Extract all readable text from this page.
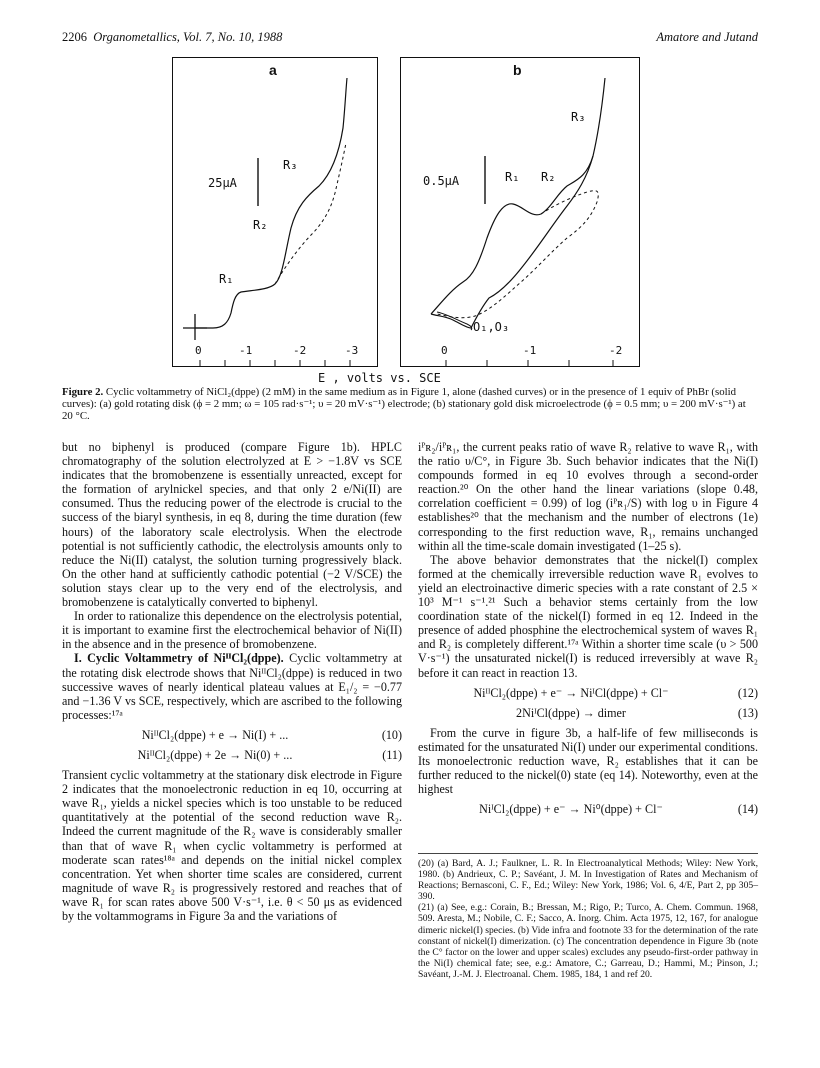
2206 Organometallics, Vol. 7, No. 10, 1988	Amatore and Jutand
a
25μA
R₁
R₂
R₃
0	-1	-2	-3
b
0.5μA	R₁ R₂
R₃
O₁,O₃
0	-1	-2
E , volts vs. SCE
Figure 2. Cyclic voltammetry of NiCl₂(dppe) (2 mM) in the same medium as in Figure 1, alone (dashed curves) or in the presence of 1 equiv of PhBr (solid curves): (a) gold rotating disk (ϕ = 2 mm; ω = 105 rad·s⁻¹; υ = 20 mV·s⁻¹) electrode; (b) stationary gold disk microelectrode (ϕ = 0.5 mm; υ = 200 mV·s⁻¹) at 20 °C.

but no biphenyl is produced (compare Figure 1b). HPLC chromatography of the solution electrolyzed at E > −1.8V vs SCE indicates that the bromobenzene is essentially unreacted, except for the formation of arylnickel species, and that only 2 e/Ni(II) are consumed. Thus the reducing power of the electrode is crucial to the success of the biaryl synthesis, in eq 8, during the time duration (few hours) of the laboratory scale electrolysis. When the electrode potential is not sufficiently cathodic, the electrolysis amounts only to reduce the Ni(II) catalyst, the solution turning progressively black. On the other hand at sufficiently cathodic potential (−2 V/SCE) the solution stays clear up to the very end of the electrolysis, and bromobenzene is catalytically converted to biphenyl.

In order to rationalize this dependence on the electrolysis potential, it is important to examine first the electrochemical behavior of Ni(II) in the absence and in the presence of bromobenzene.

I. Cyclic Voltammetry of NiᴵᴵCl₂(dppe). Cyclic voltammetry at the rotating disk electrode shows that NiᴵᴵCl₂(dppe) is reduced in two successive waves of nearly identical plateau values at E₁/₂ = −0.77 and −1.36 V vs SCE, respectively, which are ascribed to the following processes:¹⁷ᵃ

NiᴵᴵCl₂(dppe) + e → Ni(I) + ...	(10)
NiᴵᴵCl₂(dppe) + 2e → Ni(0) + ...	(11)

Transient cyclic voltammetry at the stationary disk electrode in Figure 2 indicates that the monoelectronic reduction in eq 10, occurring at wave R₁, yields a nickel species which is too unstable to be reduced quantitatively at the potential of the second reduction wave R₂. Indeed the current magnitude of the R₂ wave is considerably smaller than that of wave R₁ when cyclic voltammetry is performed at moderate scan rates¹⁸ᵃ and depends on the initial nickel complex concentration. Yet when shorter time scales are considered, current magnitude of wave R₂ is progressively restored and reaches that of wave R₁ for scan rates above 500 V·s⁻¹, i.e. θ < 50 μs as evidenced by the voltammograms in Figure 3a and the variations of

iᴾʀ₂/iᴾʀ₁, the current peaks ratio of wave R₂ relative to wave R₁, with the ratio υ/C°, in Figure 3b. Such behavior indicates that the Ni(I) compounds formed in eq 10 evolves through a second-order reaction.²⁰ On the other hand the linear variations (slope 0.48, correlation coefficient = 0.99) of log (iᴾʀ₁/S) with log υ in Figure 4 establishes²⁰ that the mechanism and the number of electrons (1e) corresponding to the first reduction wave, R₁, remains unchanged within all the time-scale domain investigated (1–25 s).

The above behavior demonstrates that the nickel(I) complex formed at the chemically irreversible reduction wave R₁ evolves to yield an electroinactive dimeric species with a rate constant of 2.5 × 10³ M⁻¹ s⁻¹.²¹ Such a behavior stems certainly from the low coordination state of the nickel(I) formed in eq 12. Indeed in the presence of added phosphine the electrochemical system of waves R₁ and R₂ is completely different.¹⁷ᵃ Within a shorter time scale (υ > 500 V·s⁻¹) the unsaturated nickel(I) is reduced irreversibly at wave R₂ before it can react in reaction 13.

NiᴵᴵCl₂(dppe) + e⁻ → NiᴵCl(dppe) + Cl⁻	(12)
2NiᴵCl(dppe) → dimer	(13)

From the curve in figure 3b, a half-life of few milliseconds is estimated for the unsaturated Ni(I) under our experimental conditions. Its monoelectronic reduction wave, R₂ establishes that it can be further reduced to the nickel(0) state (eq 14). Noteworthy, even at the highest

NiᴵCl₂(dppe) + e⁻ → Ni⁰(dppe) + Cl⁻	(14)

(20) (a) Bard, A. J.; Faulkner, L. R. In Electroanalytical Methods; Wiley: New York, 1980. (b) Andrieux, C. P.; Savéant, J. M. In Investigation of Rates and Mechanism of Reactions; Bernasconi, C. F., Ed.; Wiley: New York, 1986; Vol. 6, 4/E, Part 2, pp 305–390.

(21) (a) See, e.g.: Corain, B.; Bressan, M.; Rigo, P.; Turco, A. Chem. Commun. 1968, 509. Aresta, M.; Nobile, C. F.; Sacco, A. Inorg. Chim. Acta 1975, 12, 167, for analogue dimeric nickel(I) species. (b) Vide infra and footnote 33 for the determination of the rate constant of nickel(I) dimerization. (c) The concentration dependence in Figure 3b (note the C° factor on the lower and upper scales) excludes any pseudo-first-order pathway in the Ni(I) chemical fate; see, e.g.: Amatore, C.; Garreau, D.; Hammi, M.; Pinson, J.; Savéant, J.-M. J. Electroanal. Chem. 1985, 184, 1 and ref 20.
